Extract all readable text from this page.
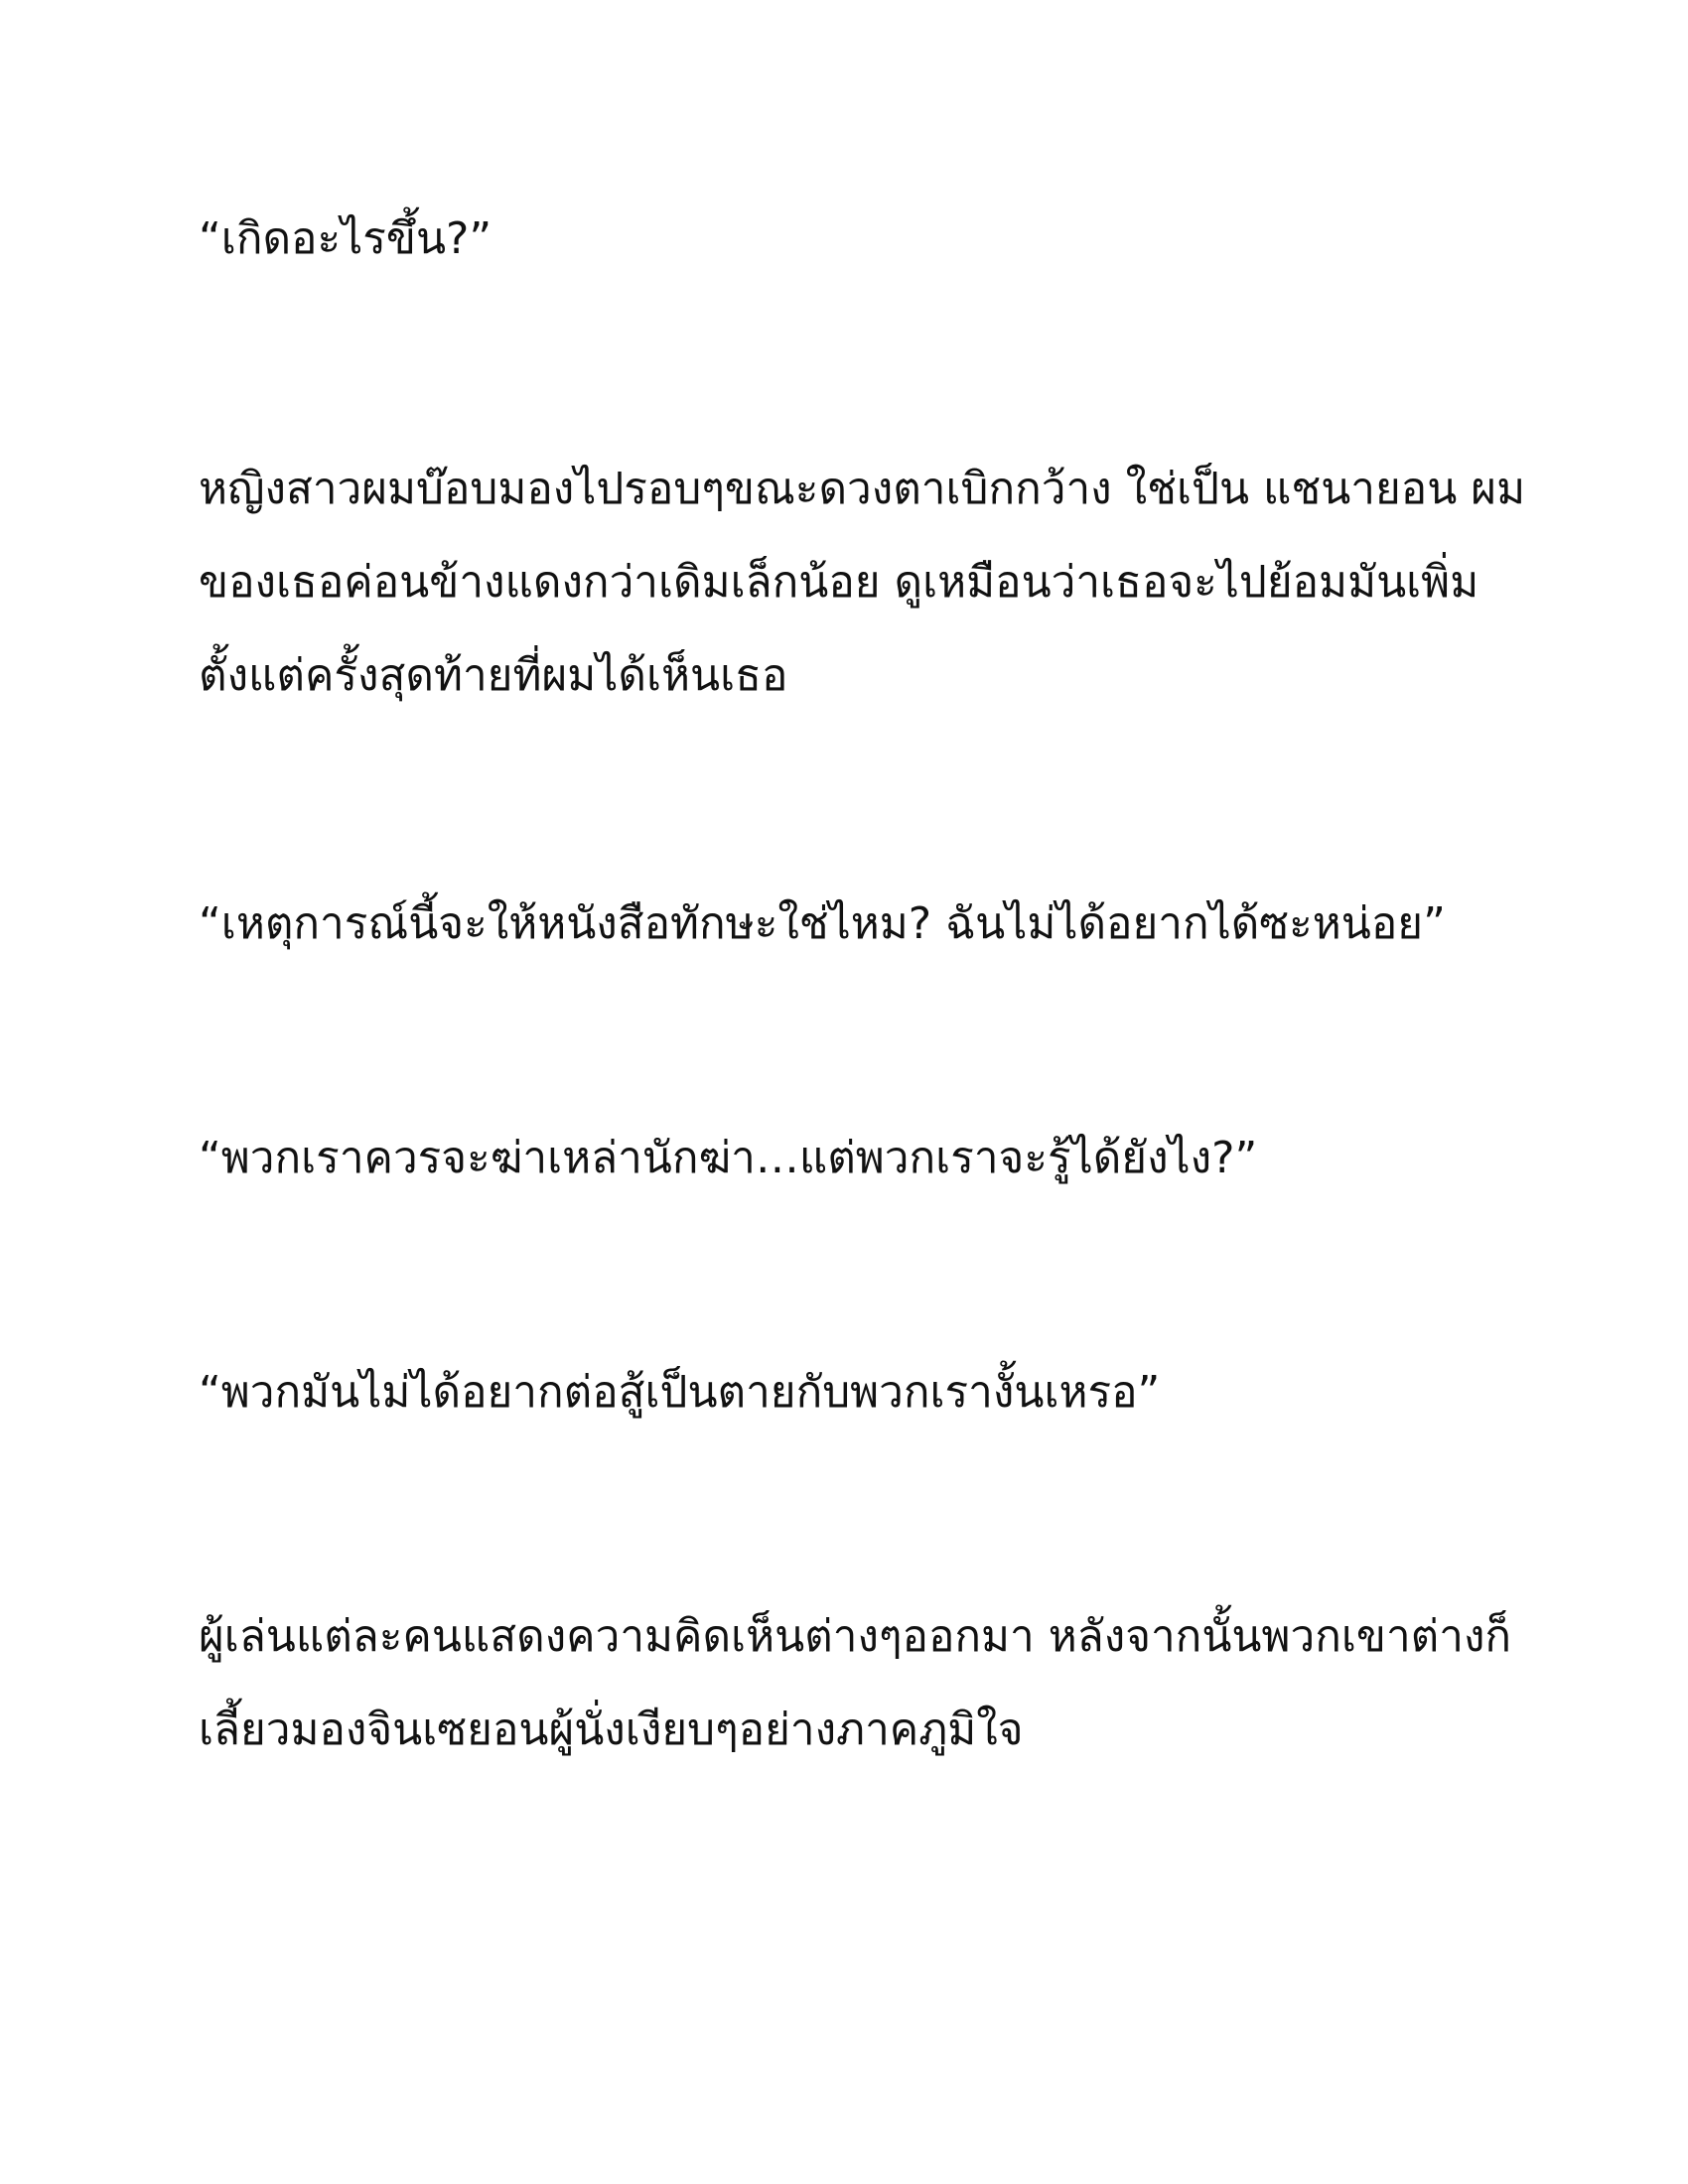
“เกิดอะไรขึ้น?”

หญิงสาวผมบ๊อบมองไปรอบๆขณะดวงตาเบิกกว้าง ใช่เป็น แชนายอน ผม
ของเธอค่อนข้างแดงกว่าเดิมเล็กน้อย ดูเหมือนว่าเธอจะไปย้อมมันเพิ่ม
ตั้งแต่ครั้งสุดท้ายที่ผมได้เห็นเธอ

“เหตุการณ์นี้จะให้หนังสือทักษะใช่ไหม? ฉันไม่ได้อยากได้ซะหน่อย”

“พวกเราควรจะฆ่าเหล่านักฆ่า…แต่พวกเราจะรู้ได้ยังไง?”

“พวกมันไม่ได้อยากต่อสู้เป็นตายกับพวกเรางั้นเหรอ”

ผู้เล่นแต่ละคนแสดงความคิดเห็นต่างๆออกมา หลังจากนั้นพวกเขาต่างก็
เลี้ยวมองจินเซยอนผู้นั่งเงียบๆอย่างภาคภูมิใจ
